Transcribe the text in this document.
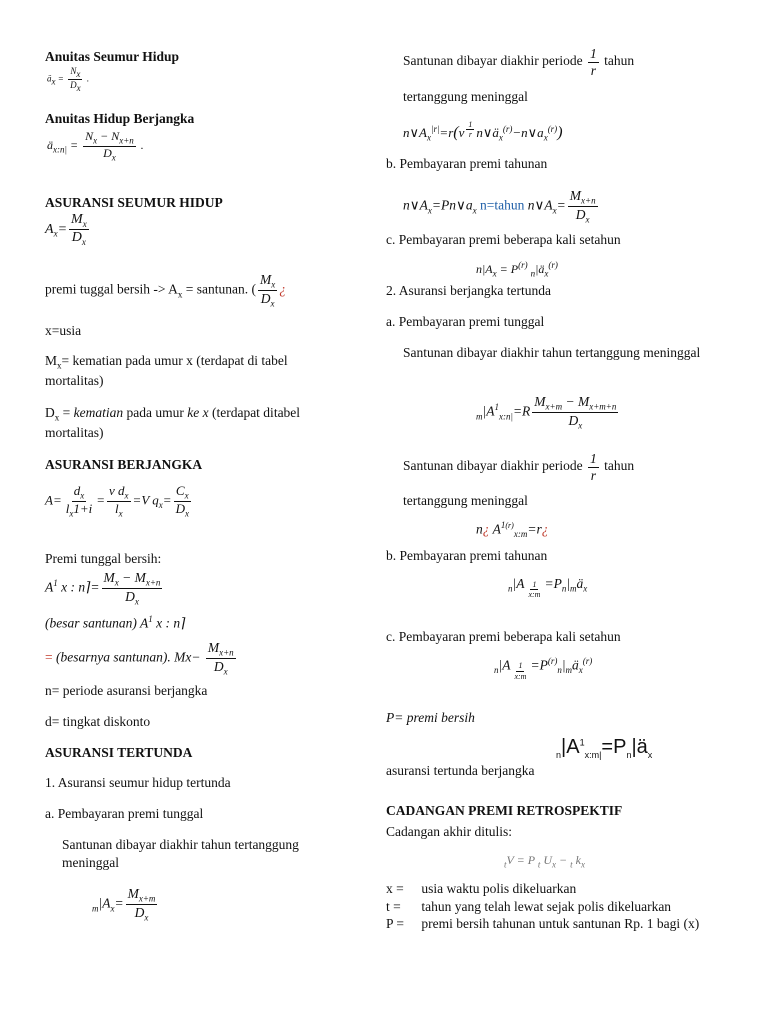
Anuitas Seumur Hidup
$ä_x = \frac{N_x}{D_x}$ .
Anuitas Hidup Berjangka
$ä_{x:n|} = \frac{N_x - N_{x+n}}{D_x}$ .
ASURANSI SEUMUR HIDUP
$A_x= \frac{M_x}{D_x}$
premi tuggal bersih -> $A_x$ = santunan. ( $\frac{M_x}{D_x}$ ¿
x=usia
$M_x=$ kematian pada umur x (terdapat di tabel mortalitas)
$D_x$ = kematian pada umur ke x (terdapat ditabel mortalitas)
ASURANSI BERJANGKA
$A= \frac{d_x}{l_x1+i} = \frac{v d_x}{l_x} =V$ $q_x= \frac{C_x}{D_x}$
Premi tunggal bersih:
$A^1$ x : n⌉= $\frac{M_x - M_{x+n}}{D_x}$
(besar santunan) $A^1$ x : n⌉
= (besarnya santunan). $Mx- \frac{M_{x+n}}{D_x}$
n= periode asuransi berjangka
d= tingkat diskonto
ASURANSI TERTUNDA
1. Asuransi seumur hidup tertunda
a. Pembayaran premi tunggal
Santunan dibayar diakhir tahun tertanggung meninggal
$_m|A_x= \frac{M_{x+m}}{D_x}$
Santunan dibayar diakhir periode $\frac{1}{r}$ tahun
tertanggung meninggal
$n\vee A_x^{|r|}=r(v$ $^{\frac{1}{r}}$ $n\vee ä_x^{(r)}-n\vee a_x^{(r)}$)
b. Pembayaran premi tahunan
$n\vee A_x=Pn\vee a_x$ n=tahun $n\vee A_x= \frac{M_{x+n}}{D_x}$
c. Pembayaran premi beberapa kali setahun
$n|A_x = P^{(r)}$ $_n|ä_x^{(r)}$
2. Asuransi berjangka tertunda
a. Pembayaran premi tunggal
Santunan dibayar diakhir tahun tertanggung meninggal
$_m|A^1_{x:n|}=R \frac{M_{x+m} - M_{x+m+n}}{D_x}$
Santunan dibayar diakhir periode $\frac{1}{r}$ tahun
tertanggung meninggal
n¿ $A^{1(r)}_{x:m}=r¿$
b. Pembayaran premi tahunan
$_n$|A $_{\frac{1}{x:m}} =P_n|_mä_x$
c. Pembayaran premi beberapa kali setahun
$_n$|A $_{\frac{1}{x:m}} =P^{(r)}_n|_mä_x^{(r)}$
P= premi bersih
asuransi tertunda berjangka
$_n|A^1_{x:m|}=P_n|ä_x$
CADANGAN PREMI RETROSPEKTIF
Cadangan akhir ditulis:
$_t$V = P $_t$ $U_x - _t$ $k_x$
x =	usia waktu polis dikeluarkan
t =	tahun yang telah lewat sejak polis dikeluarkan
P =	premi bersih tahunan untuk santunan Rp. 1 bagi (x)
